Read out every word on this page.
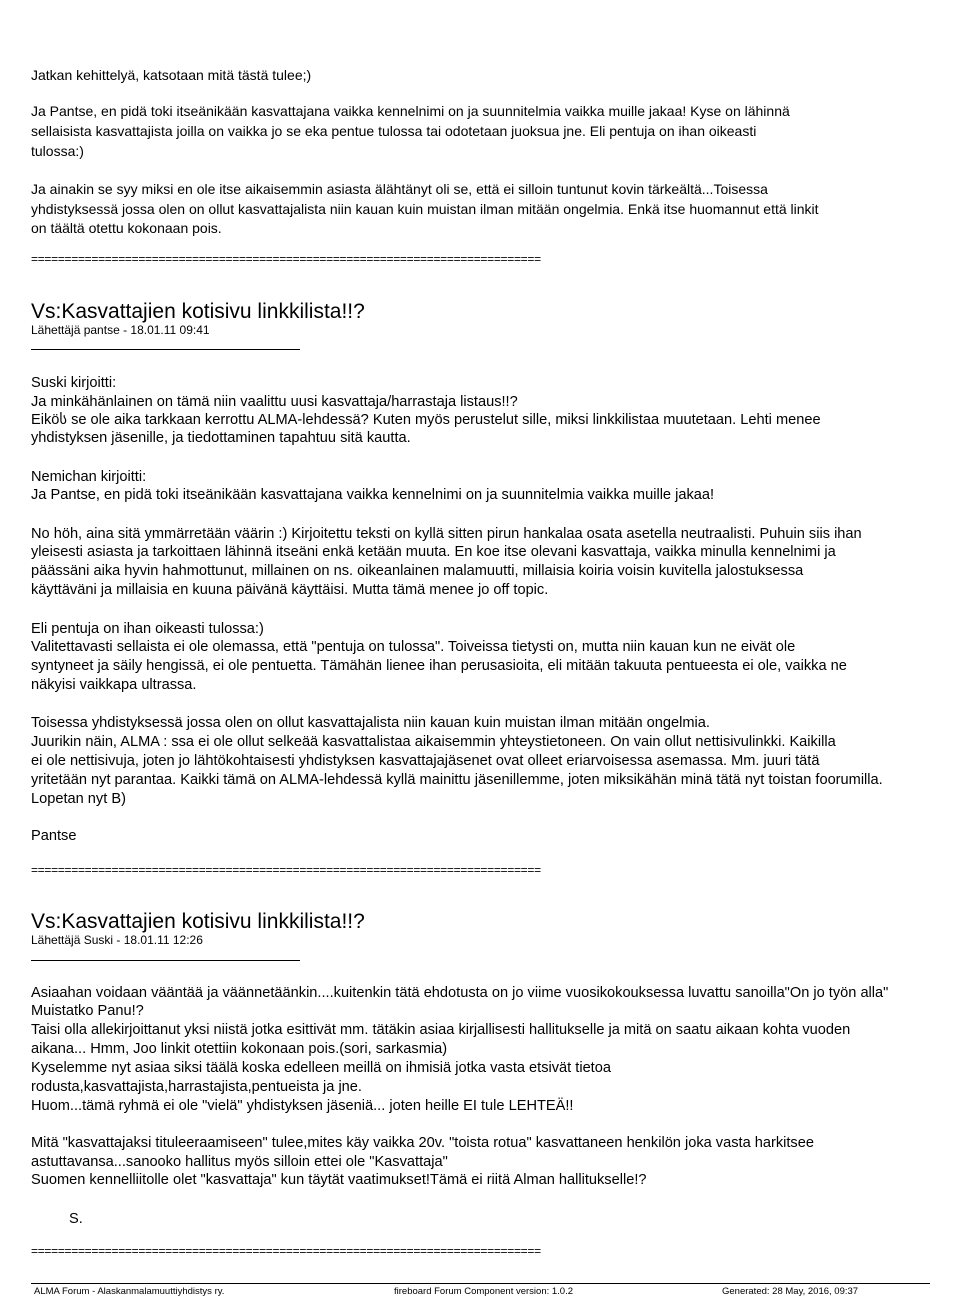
Jatkan kehittelyä, katsotaan mitä tästä tulee;)
Ja Pantse, en pidä toki itseänikään kasvattajana vaikka kennelnimi on ja suunnitelmia vaikka muille jakaa! Kyse on lähinnä
sellaisista kasvattajista joilla on vaikka jo se eka pentue tulossa tai odotetaan juoksua jne. Eli pentuja on ihan oikeasti
tulossa:)
Ja ainakin se syy miksi en ole itse aikaisemmin asiasta älähtänyt oli se, että ei silloin tuntunut kovin tärkeältä...Toisessa
yhdistyksessä jossa olen on ollut kasvattajalista niin kauan kuin muistan ilman mitään ongelmia. Enkä itse huomannut että linkit
on täältä otettu kokonaan pois.
============================================================================
Vs:Kasvattajien kotisivu linkkilista!!?
Lähettäjä pantse - 18.01.11 09:41
Suski kirjoitti:
Ja minkähänlainen on tämä niin vaalittu uusi kasvattaja/harrastaja listaus!!?
Eiköს se ole aika tarkkaan kerrottu ALMA-lehdessä? Kuten myös perustelut sille, miksi linkkilistaa muutetaan. Lehti menee
yhdistyksen jäsenille, ja tiedottaminen tapahtuu sitä kautta.
Nemichan kirjoitti:
Ja Pantse, en pidä toki itseänikään kasvattajana vaikka kennelnimi on ja suunnitelmia vaikka muille jakaa!
No höh, aina sitä ymmärretään väärin :) Kirjoitettu teksti on kyllä sitten pirun hankalaa osata asetella neutraalisti. Puhuin siis ihan
yleisesti asiasta ja tarkoittaen lähinnä itseäni enkä ketään muuta. En koe itse olevani kasvattaja, vaikka minulla kennelnimi ja
päässäni aika hyvin hahmottunut, millainen on ns. oikeanlainen malamuutti, millaisia koiria voisin kuvitella jalostuksessa
käyttäväni ja millaisia en kuuna päivänä käyttäisi. Mutta tämä menee jo off topic.
Eli pentuja on ihan oikeasti tulossa:)
Valitettavasti sellaista ei ole olemassa, että "pentuja on tulossa". Toiveissa tietysti on, mutta niin kauan kun ne eivät ole
syntyneet ja säily hengissä, ei ole pentuetta. Tämähän lienee ihan perusasioita, eli mitään takuuta pentueesta ei ole, vaikka ne
näkyisi vaikkapa ultrassa.
Toisessa yhdistyksessä jossa olen on ollut kasvattajalista niin kauan kuin muistan ilman mitään ongelmia.
Juurikin näin, ALMA : ssa ei ole ollut selkeää kasvattalistaa aikaisemmin yhteystietoneen. On vain ollut nettisivulinkki. Kaikilla
ei ole nettisivuja, joten jo lähtökohtaisesti yhdistyksen kasvattajajäsenet ovat olleet eriarvoisessa asemassa. Mm. juuri tätä
yritetään nyt parantaa. Kaikki tämä on ALMA-lehdessä kyllä mainittu jäsenillemme, joten miksikähän minä tätä nyt toistan foorumilla.
Lopetan nyt B)
Pantse
============================================================================
Vs:Kasvattajien kotisivu linkkilista!!?
Lähettäjä Suski - 18.01.11 12:26
Asiaahan voidaan vääntää ja väännetäänkin....kuitenkin tätä ehdotusta on jo viime vuosikokouksessa luvattu sanoilla"On jo työn alla"
Muistatko Panu!?
Taisi olla allekirjoittanut yksi niistä jotka esittivät mm. tätäkin asiaa kirjallisesti hallitukselle ja mitä on saatu aikaan kohta vuoden
aikana... Hmm, Joo linkit otettiin kokonaan pois.(sori, sarkasmia)
Kyselemme nyt asiaa siksi täälä koska edelleen meillä on ihmisiä jotka vasta etsivät tietoa
rodusta,kasvattajista,harrastajista,pentueista ja jne.
Huom...tämä ryhmä ei ole "vielä" yhdistyksen jäseniä... joten heille EI tule LEHTEÄ!!
Mitä "kasvattajaksi tituleeraamiseen" tulee,mites käy vaikka 20v. "toista rotua" kasvattaneen henkilön joka vasta harkitsee
astuttavansa...sanooko hallitus myös silloin ettei ole "Kasvattaja"
Suomen kennelliitolle olet "kasvattaja" kun täytät vaatimukset!Tämä ei riitä Alman hallitukselle!?
S.
============================================================================
ALMA Forum - Alaskanmalamuuttiyhdistys ry.	fireboard Forum Component version: 1.0.2	Generated: 28 May, 2016, 09:37
